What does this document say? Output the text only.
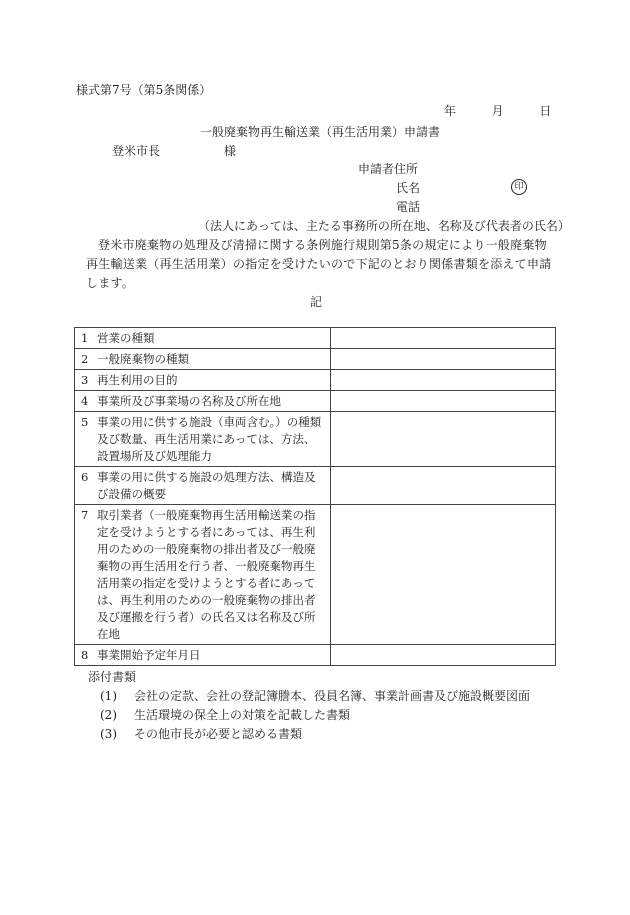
様式第7号（第5条関係）
年	月	日
一般廃棄物再生輸送業（再生活用業）申請書
登米市長	様
申請者住所
氏名	印
電話
（法人にあっては、主たる事務所の所在地、名称及び代表者の氏名）
登米市廃棄物の処理及び清掃に関する条例施行規則第5条の規定により一般廃棄物再生輸送業（再生活用業）の指定を受けたいので下記のとおり関係書類を添えて申請します。
記
1 営業の種類	

2 一般廃棄物の種類	

3 再生利用の目的	

4 事業所及び事業場の名称及び所在地	

5 事業の用に供する施設（車両含む。）の種類及び数量、再生活用業にあっては、方法、設置場所及び処理能力	

6 事業の用に供する施設の処理方法、構造及び設備の概要	

7 取引業者（一般廃棄物再生活用輸送業の指定を受けようとする者にあっては、再生利用のための一般廃棄物の排出者及び一般廃棄物の再生活用を行う者、一般廃棄物再生活用業の指定を受けようとする者にあっては、再生利用のための一般廃棄物の排出者及び運搬を行う者）の氏名又は名称及び所在地	

8 事業開始予定年月日	

添付書類
(1) 会社の定款、会社の登記簿謄本、役員名簿、事業計画書及び施設概要図面
(2) 生活環境の保全上の対策を記載した書類
(3) その他市長が必要と認める書類
